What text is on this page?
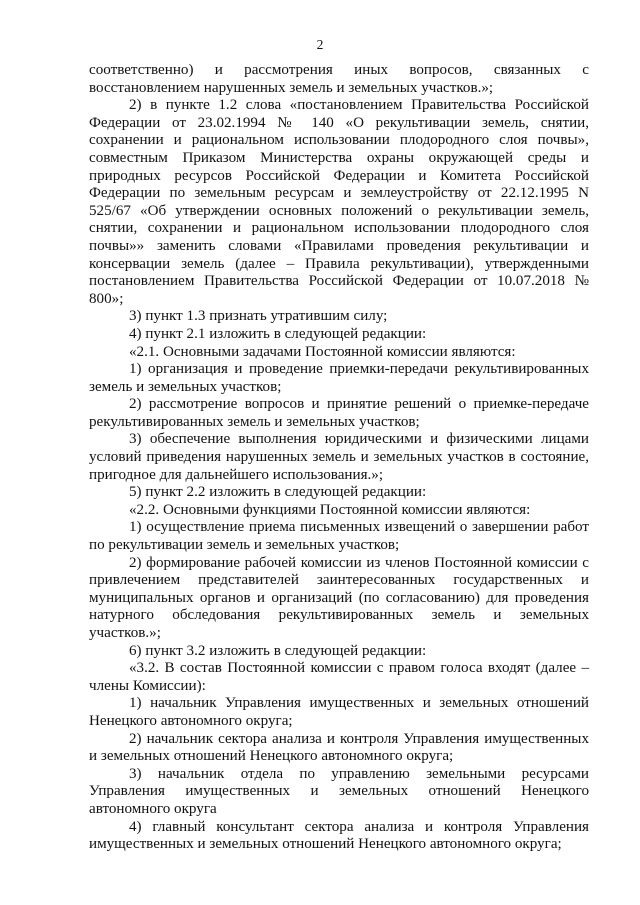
2

соответственно) и рассмотрения иных вопросов, связанных с восстановлением нарушенных земель и земельных участков.»;

2) в пункте 1.2 слова «постановлением Правительства Российской Федерации от 23.02.1994 № 140 «О рекультивации земель, снятии, сохранении и рациональном использовании плодородного слоя почвы», совместным Приказом Министерства охраны окружающей среды и природных ресурсов Российской Федерации и Комитета Российской Федерации по земельным ресурсам и землеустройству от 22.12.1995 N 525/67 «Об утверждении основных положений о рекультивации земель, снятии, сохранении и рациональном использовании плодородного слоя почвы»» заменить словами «Правилами проведения рекультивации и консервации земель (далее – Правила рекультивации), утвержденными постановлением Правительства Российской Федерации от 10.07.2018 № 800»;

3) пункт 1.3 признать утратившим силу;

4) пункт 2.1 изложить в следующей редакции:

«2.1. Основными задачами Постоянной комиссии являются:

1) организация и проведение приемки-передачи рекультивированных земель и земельных участков;

2) рассмотрение вопросов и принятие решений о приемке-передаче рекультивированных земель и земельных участков;

3) обеспечение выполнения юридическими и физическими лицами условий приведения нарушенных земель и земельных участков в состояние, пригодное для дальнейшего использования.»;

5) пункт 2.2 изложить в следующей редакции:

«2.2. Основными функциями Постоянной комиссии являются:

1) осуществление приема письменных извещений о завершении работ по рекультивации земель и земельных участков;

2) формирование рабочей комиссии из членов Постоянной комиссии с привлечением представителей заинтересованных государственных и муниципальных органов и организаций (по согласованию) для проведения натурного обследования рекультивированных земель и земельных участков.»;

6) пункт 3.2 изложить в следующей редакции:

«3.2. В состав Постоянной комиссии с правом голоса входят (далее – члены Комиссии):

1) начальник Управления имущественных и земельных отношений Ненецкого автономного округа;

2) начальник сектора анализа и контроля Управления имущественных и земельных отношений Ненецкого автономного округа;

3) начальник отдела по управлению земельными ресурсами Управления имущественных и земельных отношений Ненецкого автономного округа

4) главный консультант сектора анализа и контроля Управления имущественных и земельных отношений Ненецкого автономного округа;
